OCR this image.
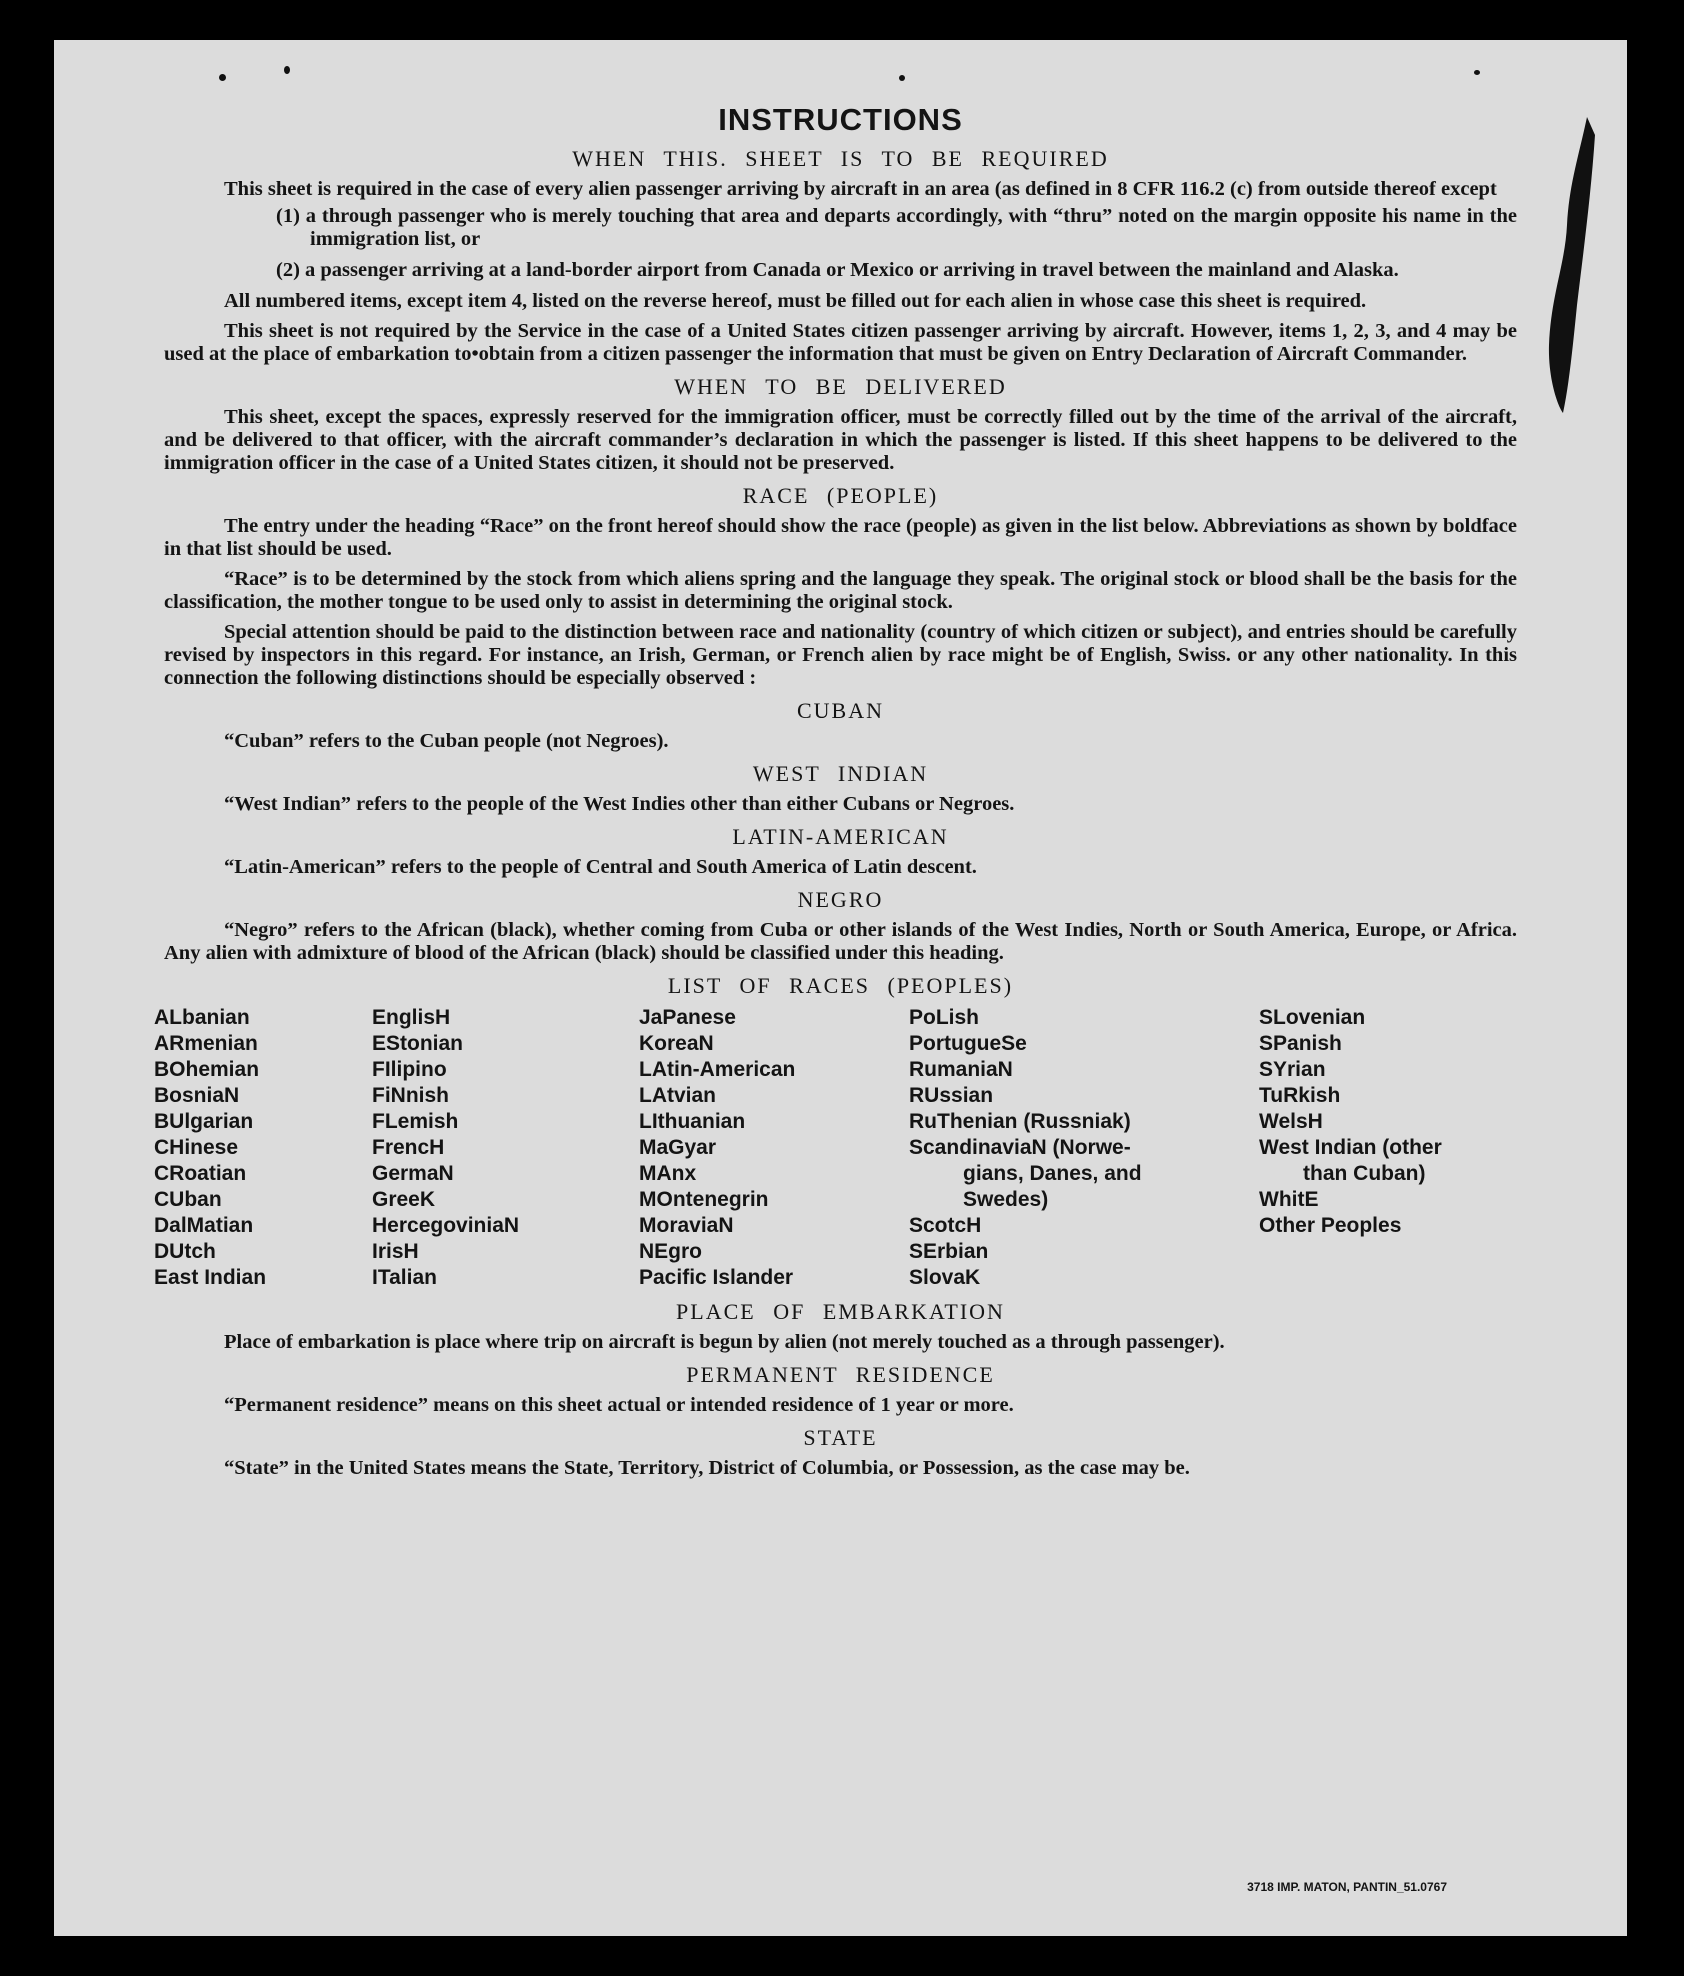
INSTRUCTIONS
WHEN THIS. SHEET IS TO BE REQUIRED

This sheet is required in the case of every alien passenger arriving by aircraft in an area (as defined in 8 CFR 116.2 (c) from outside thereof except

(1) a through passenger who is merely touching that area and departs accordingly, with “thru” noted on the margin opposite his name in the immigration list, or
(2) a passenger arriving at a land-border airport from Canada or Mexico or arriving in travel between the mainland and Alaska.

All numbered items, except item 4, listed on the reverse hereof, must be filled out for each alien in whose case this sheet is required.

This sheet is not required by the Service in the case of a United States citizen passenger arriving by aircraft. However, items 1, 2, 3, and 4 may be used at the place of embarkation to•obtain from a citizen passenger the information that must be given on Entry Declaration of Aircraft Commander.

WHEN TO BE DELIVERED

This sheet, except the spaces, expressly reserved for the immigration officer, must be correctly filled out by the time of the arrival of the aircraft, and be delivered to that officer, with the aircraft commander’s declaration in which the passenger is listed. If this sheet happens to be delivered to the immigration officer in the case of a United States citizen, it should not be preserved.

RACE (PEOPLE)

The entry under the heading “Race” on the front hereof should show the race (people) as given in the list below. Abbreviations as shown by boldface in that list should be used.

“Race” is to be determined by the stock from which aliens spring and the language they speak. The original stock or blood shall be the basis for the classification, the mother tongue to be used only to assist in determining the original stock.

Special attention should be paid to the distinction between race and nationality (country of which citizen or subject), and entries should be carefully revised by inspectors in this regard. For instance, an Irish, German, or French alien by race might be of English, Swiss. or any other nationality. In this connection the following distinctions should be especially observed :

CUBAN

“Cuban” refers to the Cuban people (not Negroes).

WEST INDIAN

“West Indian” refers to the people of the West Indies other than either Cubans or Negroes.

LATIN-AMERICAN

“Latin-American” refers to the people of Central and South America of Latin descent.

NEGRO

“Negro” refers to the African (black), whether coming from Cuba or other islands of the West Indies, North or South America, Europe, or Africa. Any alien with admixture of blood of the African (black) should be classified under this heading.

LIST OF RACES (PEOPLES)
ALbanian
ARmenian
BOhemian
BosniaN
BUlgarian
CHinese
CRoatian
CUban
DalMatian
DUtch
East Indian
EnglisH
EStonian
FIlipino
FiNnish
FLemish
FrencH
GermaN
GreeK
HercegoviniaN
IrisH
ITalian
JaPanese
KoreaN
LAtin-American
LAtvian
LIthuanian
MaGyar
MAnx
MOntenegrin
MoraviaN
NEgro
Pacific Islander
PoLish
PortugueSe
RumaniaN
RUssian
RuThenian (Russniak)
ScandinaviaN (Norwe-
gians, Danes, and
Swedes)
ScotcH
SErbian
SlovaK
SLovenian
SPanish
SYrian
TuRkish
WelsH
West Indian (other
than Cuban)
WhitE
Other Peoples
PLACE OF EMBARKATION

Place of embarkation is place where trip on aircraft is begun by alien (not merely touched as a through passenger).

PERMANENT RESIDENCE

“Permanent residence” means on this sheet actual or intended residence of 1 year or more.

STATE

“State” in the United States means the State, Territory, District of Columbia, or Possession, as the case may be.

3718 IMP. MATON, PANTIN_51.0767
